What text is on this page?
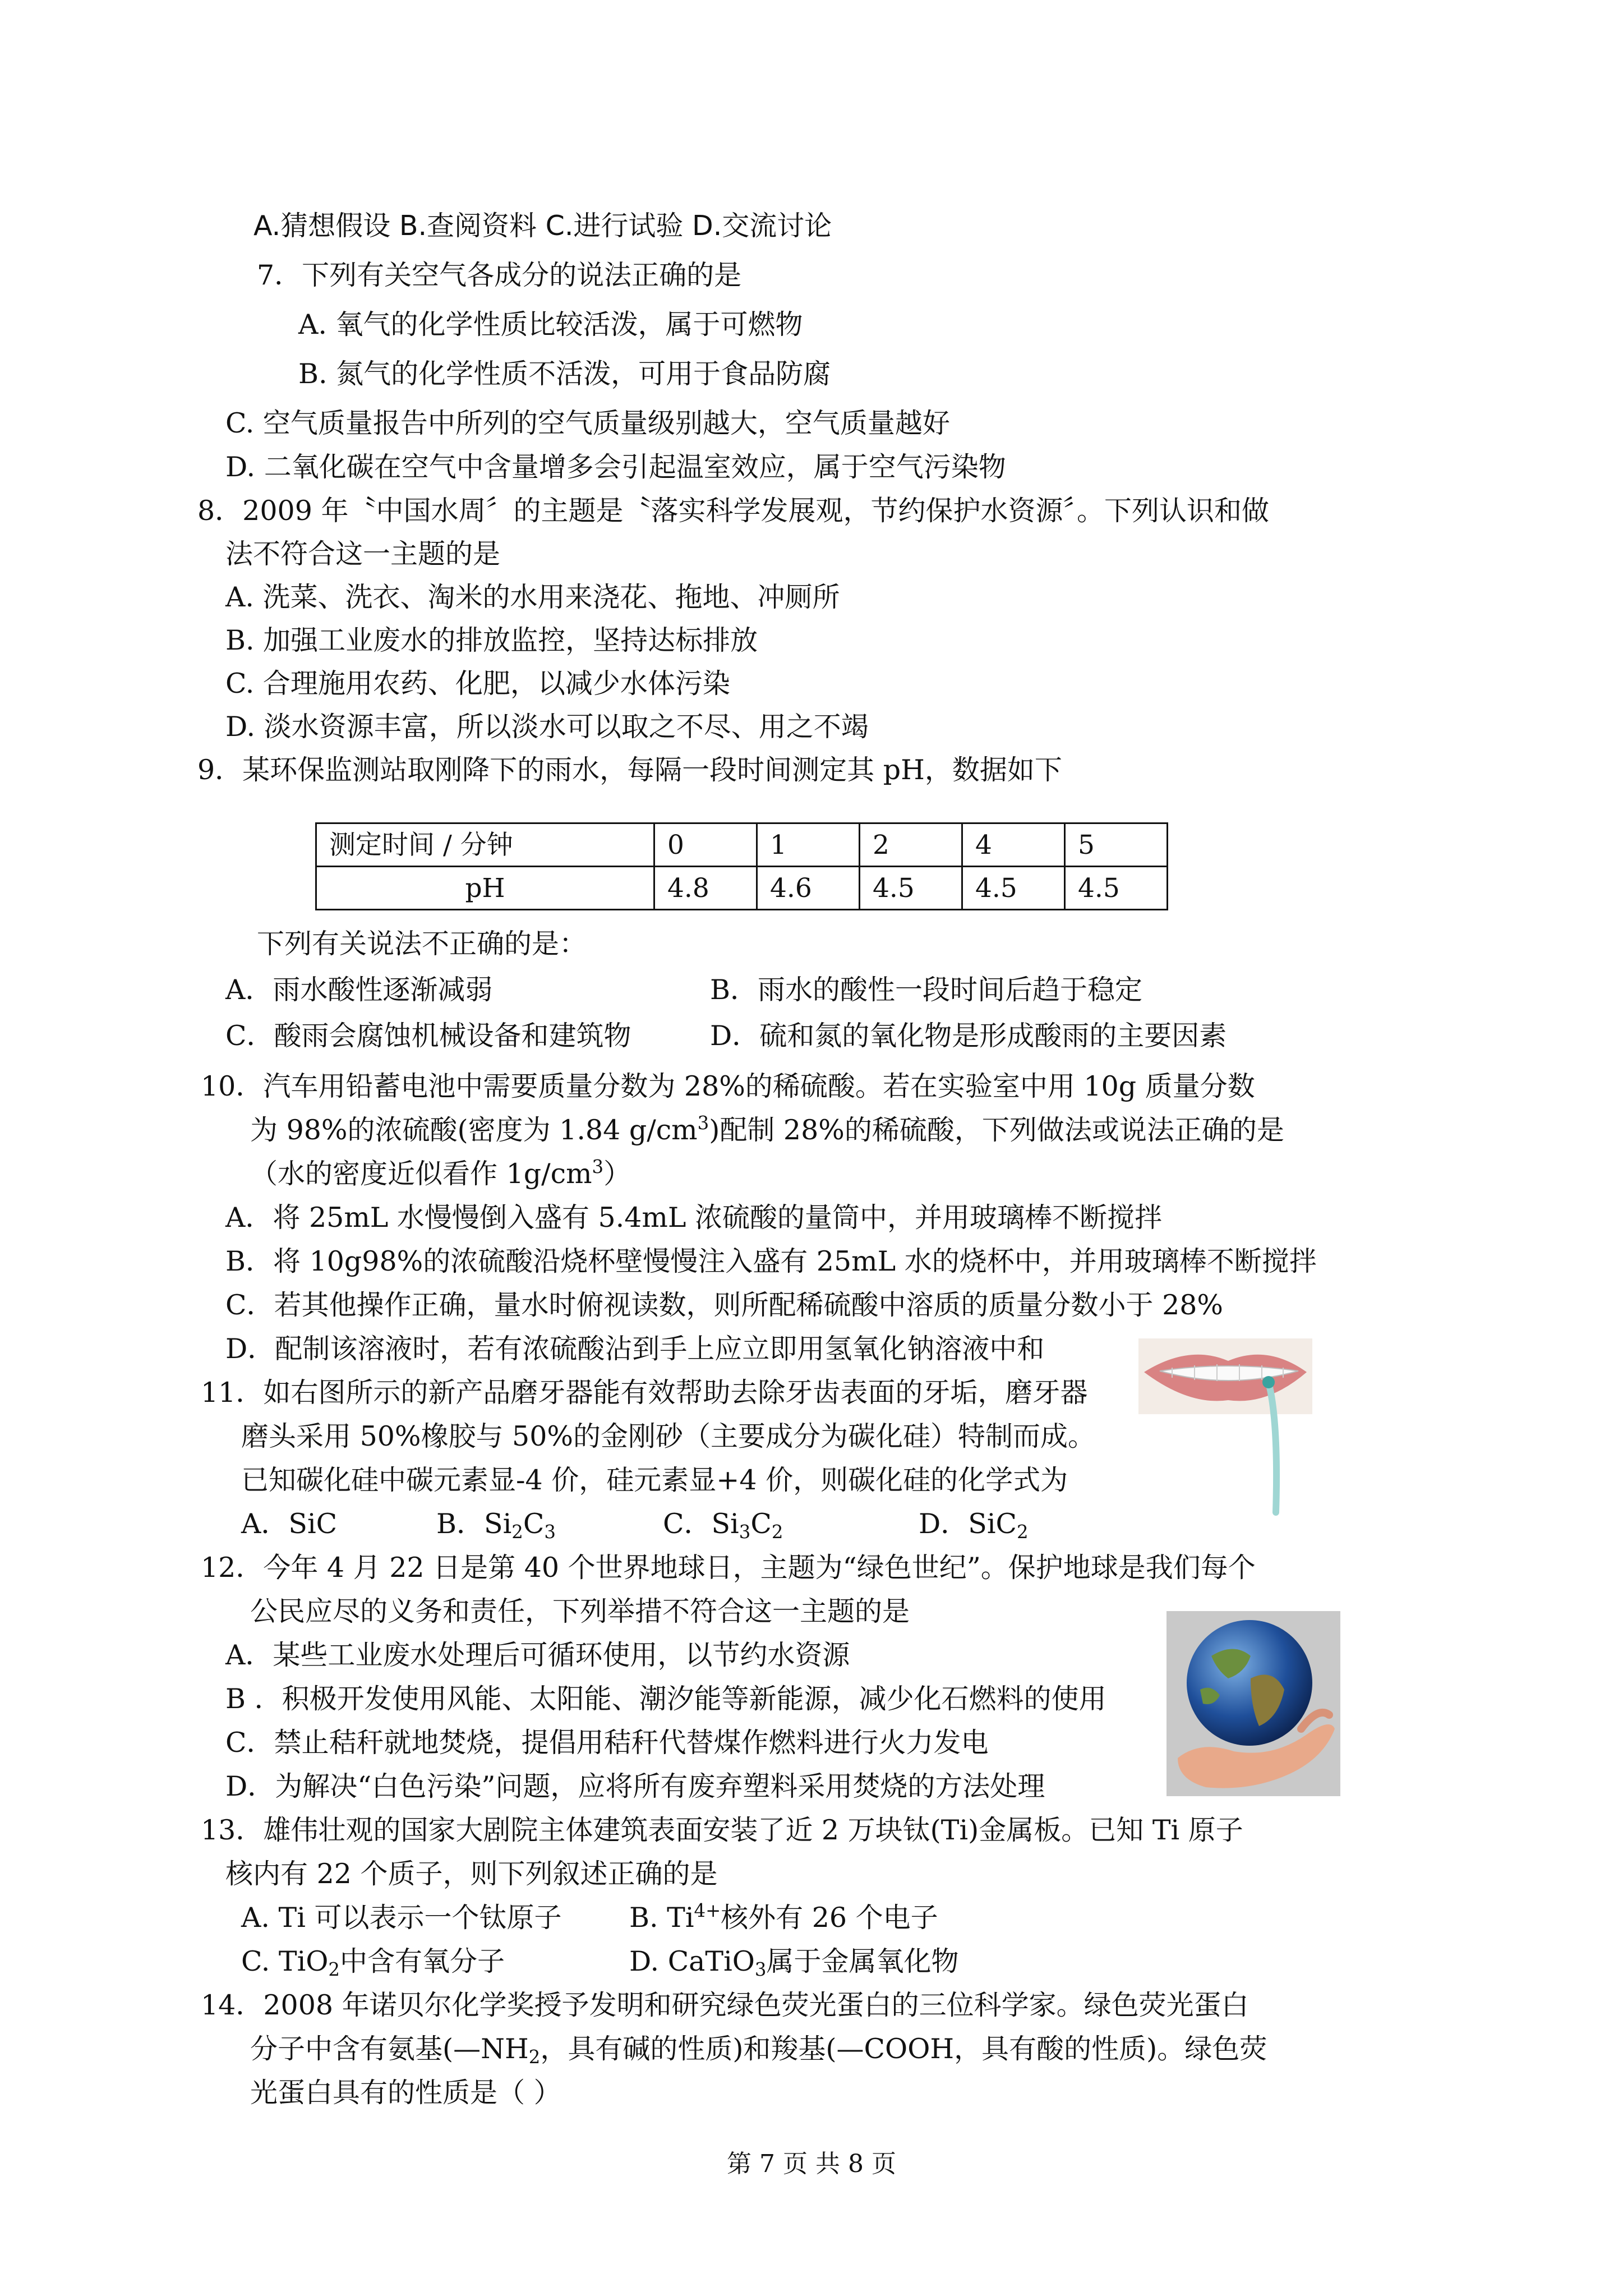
A.猜想假设 B.查阅资料 C.进行试验 D.交流讨论
7．下列有关空气各成分的说法正确的是
A. 氧气的化学性质比较活泼，属于可燃物
B. 氮气的化学性质不活泼，可用于食品防腐
C. 空气质量报告中所列的空气质量级别越大，空气质量越好
D. 二氧化碳在空气中含量增多会引起温室效应，属于空气污染物
8．2009 年〝中国水周〞的主题是〝落实科学发展观，节约保护水资源〞。下列认识和做
法不符合这一主题的是
A. 洗菜、洗衣、淘米的水用来浇花、拖地、冲厕所
B. 加强工业废水的排放监控，坚持达标排放
C. 合理施用农药、化肥，以减少水体污染
D. 淡水资源丰富，所以淡水可以取之不尽、用之不竭
9．某环保监测站取刚降下的雨水，每隔一段时间测定其 pH，数据如下
测定时间 / 分钟	0	1	2	4	5
pH	4.8	4.6	4.5	4.5	4.5
下列有关说法不正确的是：
A．雨水酸性逐渐减弱	B．雨水的酸性一段时间后趋于稳定
C．酸雨会腐蚀机械设备和建筑物	D．硫和氮的氧化物是形成酸雨的主要因素
10．汽车用铅蓄电池中需要质量分数为 28%的稀硫酸。若在实验室中用 10g 质量分数
为 98%的浓硫酸(密度为 1.84 $g/cm^3$)配制 28%的稀硫酸，下列做法或说法正确的是
（水的密度近似看作 $1g/cm^3$）
A．将 25mL 水慢慢倒入盛有 5.4mL 浓硫酸的量筒中，并用玻璃棒不断搅拌
B．将 10g98%的浓硫酸沿烧杯壁慢慢注入盛有 25mL 水的烧杯中，并用玻璃棒不断搅拌
C．若其他操作正确，量水时俯视读数，则所配稀硫酸中溶质的质量分数小于 28%
D．配制该溶液时，若有浓硫酸沾到手上应立即用氢氧化钠溶液中和
11．如右图所示的新产品磨牙器能有效帮助去除牙齿表面的牙垢，磨牙器
磨头采用 50%橡胶与 50%的金刚砂（主要成分为碳化硅）特制而成。
已知碳化硅中碳元素显-4 价，硅元素显+4 价，则碳化硅的化学式为
A．SiC	B．$Si_2C_3$	C．$Si_3C_2$	D．SiC$_2$
12．今年 4 月 22 日是第 40 个世界地球日，主题为“绿色世纪”。保护地球是我们每个
公民应尽的义务和责任，下列举措不符合这一主题的是
A．某些工业废水处理后可循环使用，以节约水资源
B ．积极开发使用风能、太阳能、潮汐能等新能源，减少化石燃料的使用
C．禁止秸秆就地焚烧，提倡用秸秆代替煤作燃料进行火力发电
D．为解决“白色污染”问题，应将所有废弃塑料采用焚烧的方法处理
13．雄伟壮观的国家大剧院主体建筑表面安装了近 2 万块钛(Ti)金属板。已知 Ti 原子
核内有 22 个质子，则下列叙述正确的是
A. Ti 可以表示一个钛原子 B. $Ti^{4+}$核外有 26 个电子
C. TiO$_2$中含有氧分子	D. CaTiO$_3$属于金属氧化物
14．2008 年诺贝尔化学奖授予发明和研究绿色荧光蛋白的三位科学家。绿色荧光蛋白
分子中含有氨基($—NH_2$，具有碱的性质)和羧基(—COOH，具有酸的性质)。绿色荧
光蛋白具有的性质是（ ）
第 7 页 共 8 页
